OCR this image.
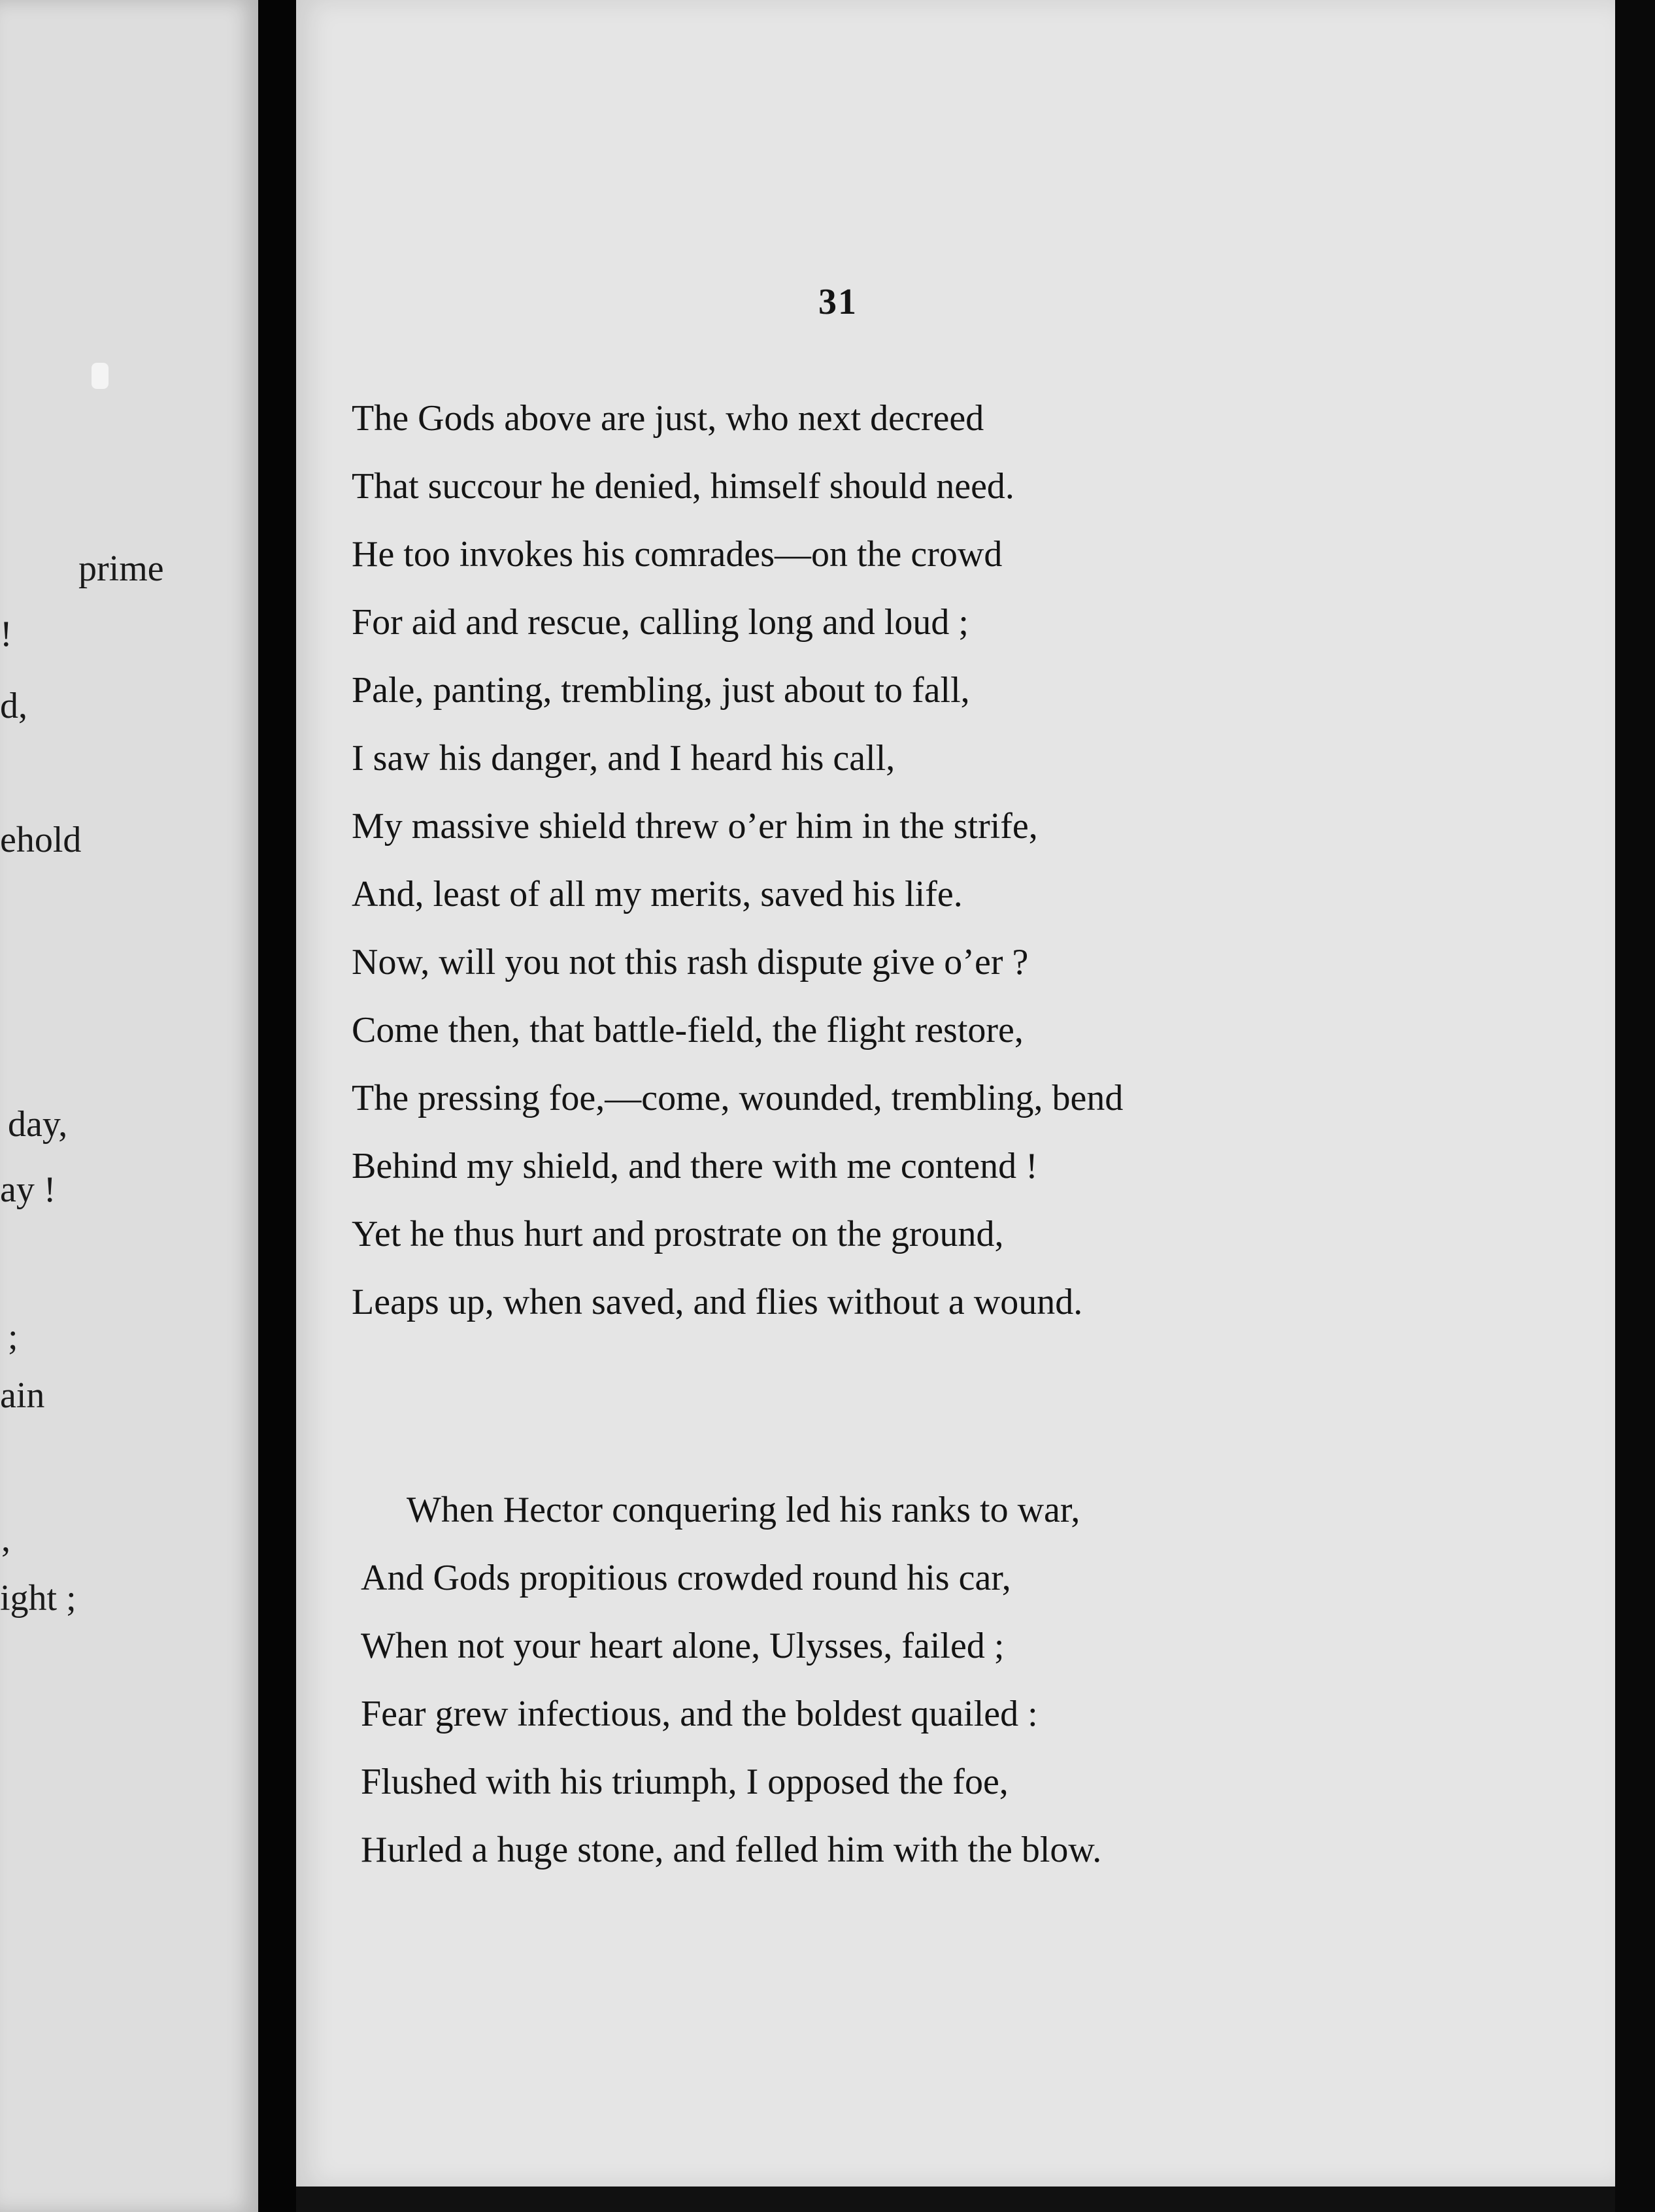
prime
!
d,
ehold
day,
ay !
;
ain
,
ight ;
31
The Gods above are just, who next decreed
That succour he denied, himself should need.
He too invokes his comrades—on the crowd
For aid and rescue, calling long and loud ;
Pale, panting, trembling, just about to fall,
I saw his danger, and I heard his call,
My massive shield threw o’er him in the strife,
And, least of all my merits, saved his life.
Now, will you not this rash dispute give o’er ?
Come then, that battle-field, the flight restore,
The pressing foe,—come, wounded, trembling, bend
Behind my shield, and there with me contend !
Yet he thus hurt and prostrate on the ground,
Leaps up, when saved, and flies without a wound.
When Hector conquering led his ranks to war,
And Gods propitious crowded round his car,
When not your heart alone, Ulysses, failed ;
Fear grew infectious, and the boldest quailed :
Flushed with his triumph, I opposed the foe,
Hurled a huge stone, and felled him with the blow.
